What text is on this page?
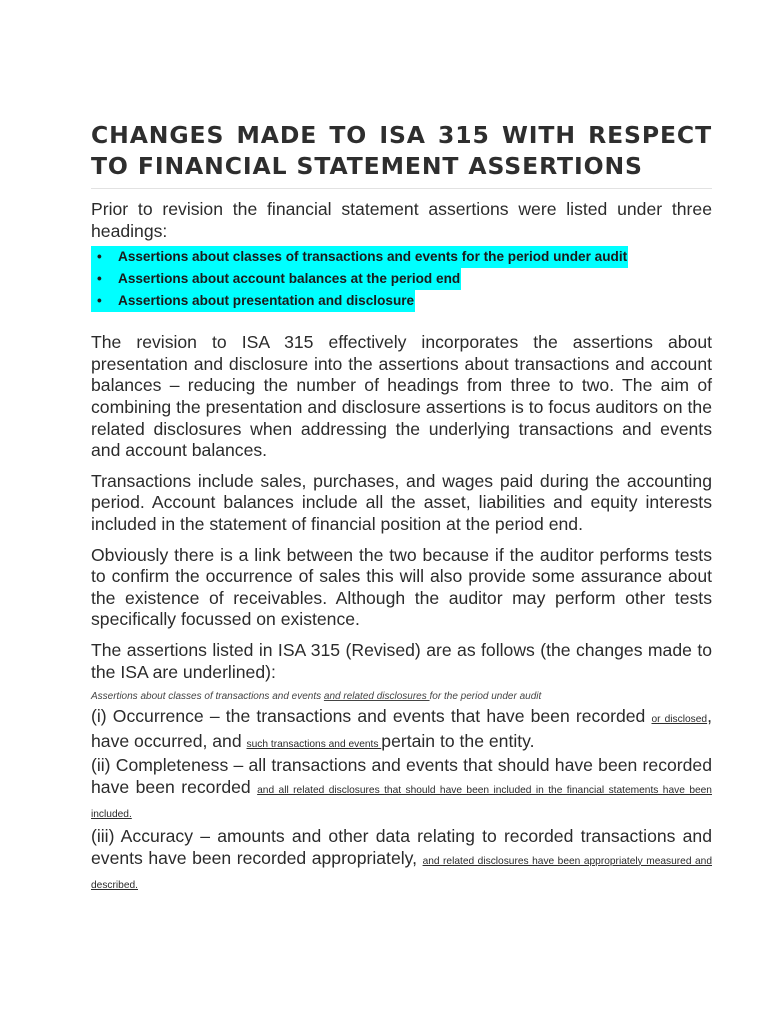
CHANGES MADE TO ISA 315 WITH RESPECT TO FINANCIAL STATEMENT ASSERTIONS

Prior to revision the financial statement assertions were listed under three headings:

• Assertions about classes of transactions and events for the period under audit
• Assertions about account balances at the period end
• Assertions about presentation and disclosure

The revision to ISA 315 effectively incorporates the assertions about presentation and disclosure into the assertions about transactions and account balances – reducing the number of headings from three to two. The aim of combining the presentation and disclosure assertions is to focus auditors on the related disclosures when addressing the underlying transactions and events and account balances.

Transactions include sales, purchases, and wages paid during the accounting period. Account balances include all the asset, liabilities and equity interests included in the statement of financial position at the period end.

Obviously there is a link between the two because if the auditor performs tests to confirm the occurrence of sales this will also provide some assurance about the existence of receivables. Although the auditor may perform other tests specifically focussed on existence.

The assertions listed in ISA 315 (Revised) are as follows (the changes made to the ISA are underlined):

Assertions about classes of transactions and events and related disclosures for the period under audit

(i) Occurrence – the transactions and events that have been recorded or disclosed, have occurred, and such transactions and events pertain to the entity.

(ii) Completeness – all transactions and events that should have been recorded have been recorded and all related disclosures that should have been included in the financial statements have been included.

(iii) Accuracy – amounts and other data relating to recorded transactions and events have been recorded appropriately, and related disclosures have been appropriately measured and described.
